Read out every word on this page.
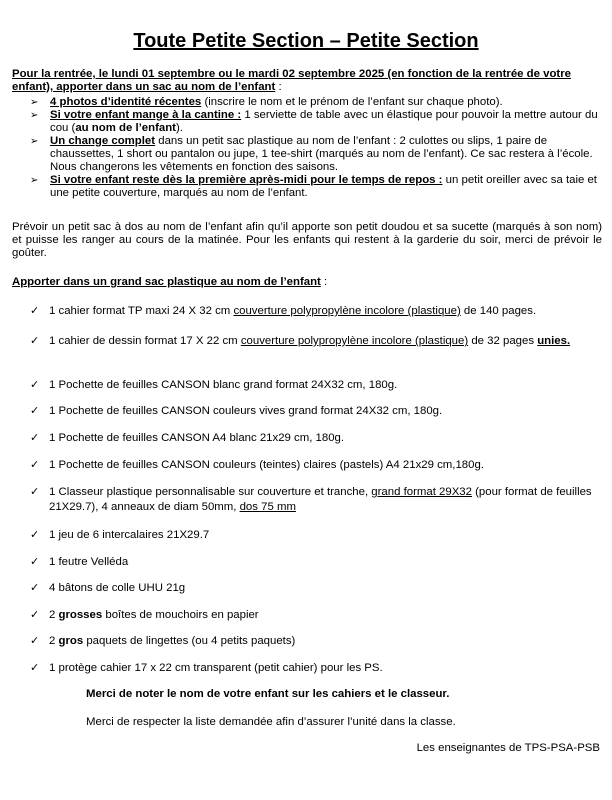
Toute Petite Section – Petite Section

Pour la rentrée, le lundi 01 septembre ou le mardi 02 septembre 2025 (en fonction de la rentrée de votre enfant), apporter dans un sac au nom de l’enfant :

➢ 4 photos d’identité récentes (inscrire le nom et le prénom de l’enfant sur chaque photo).
➢ Si votre enfant mange à la cantine : 1 serviette de table avec un élastique pour pouvoir la mettre autour du cou (au nom de l’enfant).
➢ Un change complet dans un petit sac plastique au nom de l’enfant : 2 culottes ou slips, 1 paire de chaussettes, 1 short ou pantalon ou jupe, 1 tee-shirt (marqués au nom de l’enfant). Ce sac restera à l’école. Nous changerons les vêtements en fonction des saisons.
➢ Si votre enfant reste dès la première après-midi pour le temps de repos : un petit oreiller avec sa taie et une petite couverture, marqués au nom de l’enfant.

Prévoir un petit sac à dos au nom de l’enfant afin qu’il apporte son petit doudou et sa sucette (marqués à son nom) et puisse les ranger au cours de la matinée. Pour les enfants qui restent à la garderie du soir, merci de prévoir le goûter.

Apporter dans un grand sac plastique au nom de l’enfant :

✓ 1 cahier format TP maxi 24 X 32 cm couverture polypropylène incolore (plastique) de 140 pages.
✓ 1 cahier de dessin format 17 X 22 cm couverture polypropylène incolore (plastique) de 32 pages unies.
✓ 1 Pochette de feuilles CANSON blanc grand format 24X32 cm, 180g.
✓ 1 Pochette de feuilles CANSON couleurs vives grand format 24X32 cm, 180g.
✓ 1 Pochette de feuilles CANSON A4 blanc 21x29 cm, 180g.
✓ 1 Pochette de feuilles CANSON couleurs (teintes) claires (pastels) A4 21x29 cm,180g.
✓ 1 Classeur plastique personnalisable sur couverture et tranche, grand format 29X32 (pour format de feuilles 21X29.7), 4 anneaux de diam 50mm, dos 75 mm
✓ 1 jeu de 6 intercalaires 21X29.7
✓ 1 feutre Velléda
✓ 4 bâtons de colle UHU 21g
✓ 2 grosses boîtes de mouchoirs en papier
✓ 2 gros paquets de lingettes (ou 4 petits paquets)
✓ 1 protège cahier 17 x 22 cm transparent (petit cahier) pour les PS.

Merci de noter le nom de votre enfant sur les cahiers et le classeur.

Merci de respecter la liste demandée afin d’assurer l’unité dans la classe.

Les enseignantes de TPS-PSA-PSB
